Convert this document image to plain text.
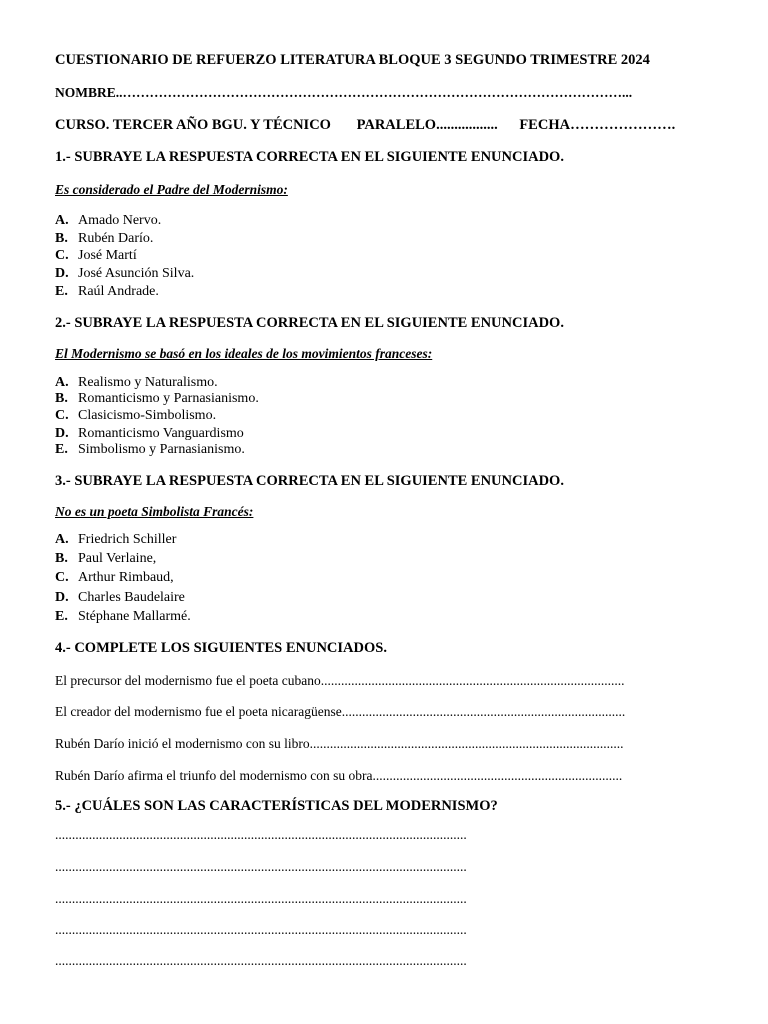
CUESTIONARIO DE REFUERZO LITERATURA BLOQUE 3 SEGUNDO TRIMESTRE 2024
NOMBRE..…………………………………………………………………………………………………...
CURSO. TERCER AÑO BGU. Y TÉCNICO PARALELO................. FECHA………………….
1.- SUBRAYE LA RESPUESTA CORRECTA EN EL SIGUIENTE ENUNCIADO.
Es considerado el Padre del Modernismo:
A. Amado Nervo.
B. Rubén Darío.
C. José Martí
D. José Asunción Silva.
E. Raúl Andrade.
2.- SUBRAYE LA RESPUESTA CORRECTA EN EL SIGUIENTE ENUNCIADO.
El Modernismo se basó en los ideales de los movimientos franceses:
A. Realismo y Naturalismo.
B. Romanticismo y Parnasianismo.
C. Clasicismo-Simbolismo.
D. Romanticismo Vanguardismo
E. Simbolismo y Parnasianismo.
3.- SUBRAYE LA RESPUESTA CORRECTA EN EL SIGUIENTE ENUNCIADO.
No es un poeta Simbolista Francés:
A. Friedrich Schiller
B. Paul Verlaine,
C. Arthur Rimbaud,
D. Charles Baudelaire
E. Stéphane Mallarmé.
4.- COMPLETE LOS SIGUIENTES ENUNCIADOS.
El precursor del modernismo fue el poeta cubano..........................................................................................
El creador del modernismo fue el poeta nicaragüense....................................................................................
Rubén Darío inició el modernismo con su libro.............................................................................................
Rubén Darío afirma el triunfo del modernismo con su obra..........................................................................
5.- ¿CUÁLES SON LAS CARACTERÍSTICAS DEL MODERNISMO?
..........................................................................................................................
..........................................................................................................................
..........................................................................................................................
..........................................................................................................................
..........................................................................................................................
